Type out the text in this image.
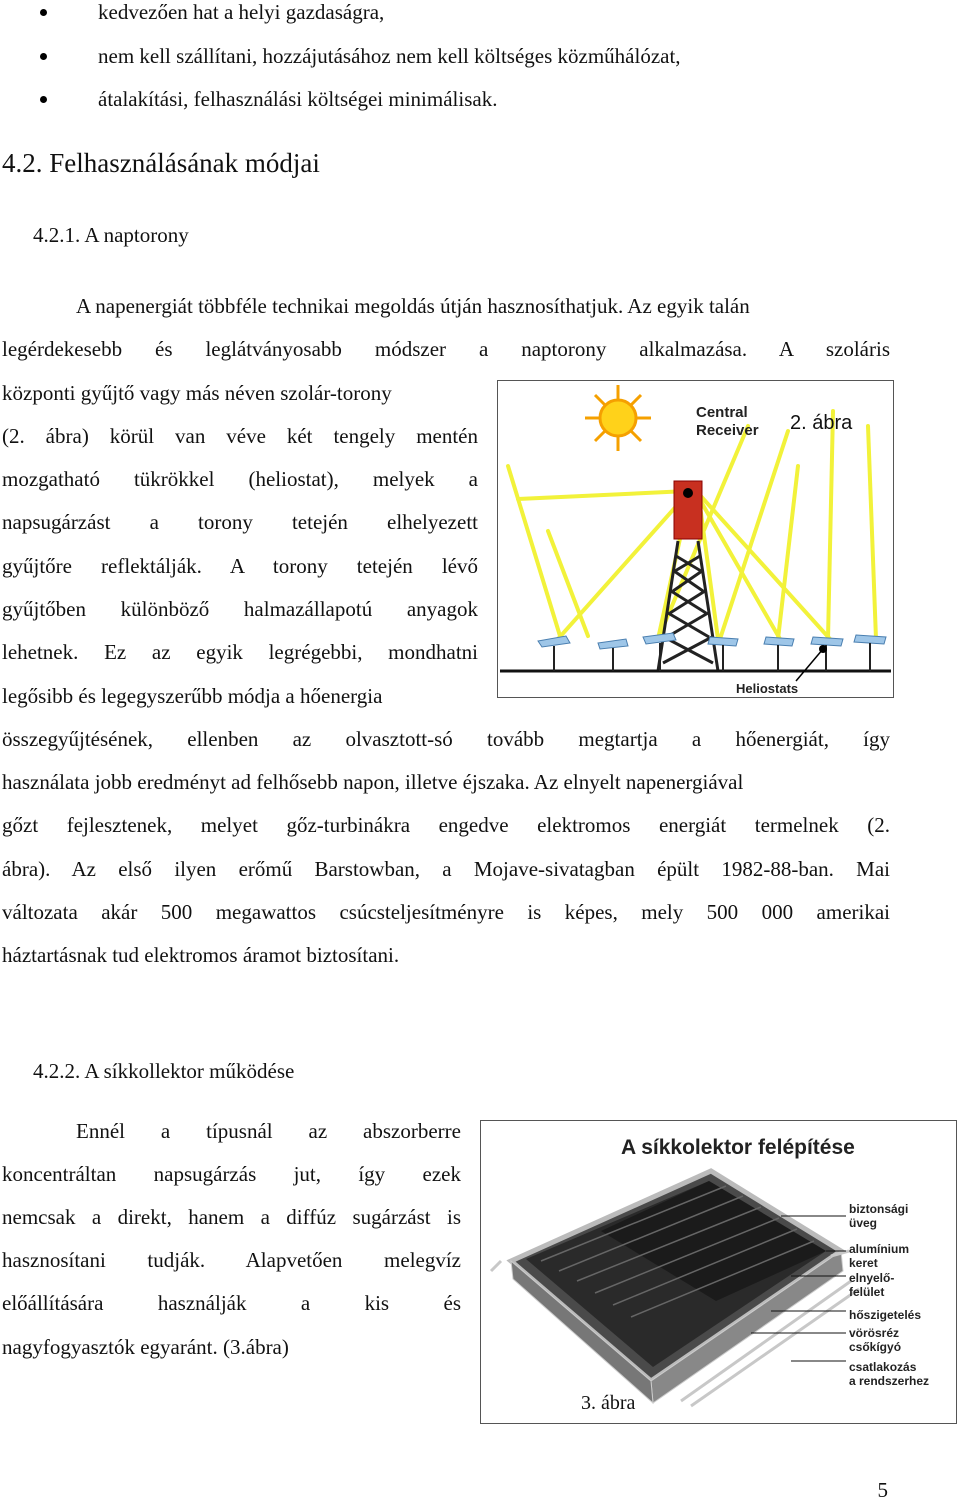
kedvezően hat a helyi gazdaságra,
nem kell szállítani, hozzájutásához nem kell költséges közműhálózat,
átalakítási, felhasználási költségei minimálisak.
4.2. Felhasználásának módjai
4.2.1. A naptorony
A napenergiát többféle technikai megoldás útján hasznosíthatjuk. Az egyik talán
legérdekesebb és leglátványosabb módszer a naptorony alkalmazása. A szoláris
központi gyűjtő vagy más néven szolár-torony
(2. ábra) körül van véve két tengely mentén
mozgatható tükrökkel (heliostat), melyek a
napsugárzást a torony tetején elhelyezett
gyűjtőre reflektálják. A torony tetején lévő
gyűjtőben különböző halmazállapotú anyagok
lehetnek. Ez az egyik legrégebbi, mondhatni
legősibb és legegyszerűbb módja a hőenergia
összegyűjtésének, ellenben az olvasztott-só tovább megtartja a hőenergiát, így
használata jobb eredményt ad felhősebb napon, illetve éjszaka. Az elnyelt napenergiával
gőzt fejlesztenek, melyet gőz-turbinákra engedve elektromos energiát termelnek (2.
ábra). Az első ilyen erőmű Barstowban, a Mojave-sivatagban épült 1982-88-ban. Mai
változata akár 500 megawattos csúcsteljesítményre is képes, mely 500 000 amerikai
háztartásnak tud elektromos áramot biztosítani.
Central
Receiver
Heliostats
2. ábra
4.2.2. A síkkollektor működése
Ennél a típusnál az abszorberre
koncentráltan napsugárzás jut, így ezek
nemcsak a direkt, hanem a diffúz sugárzást is
hasznosítani tudják. Alapvetően melegvíz
előállítására használják a kis és
nagyfogyasztók egyaránt. (3.ábra)
A síkkolektor felépítése
biztonsági
üveg
alumínium
keret
elnyelő-
felület
hőszigetelés
vörösréz
csőkígyó
csatlakozás
a rendszerhez
3. ábra
5
